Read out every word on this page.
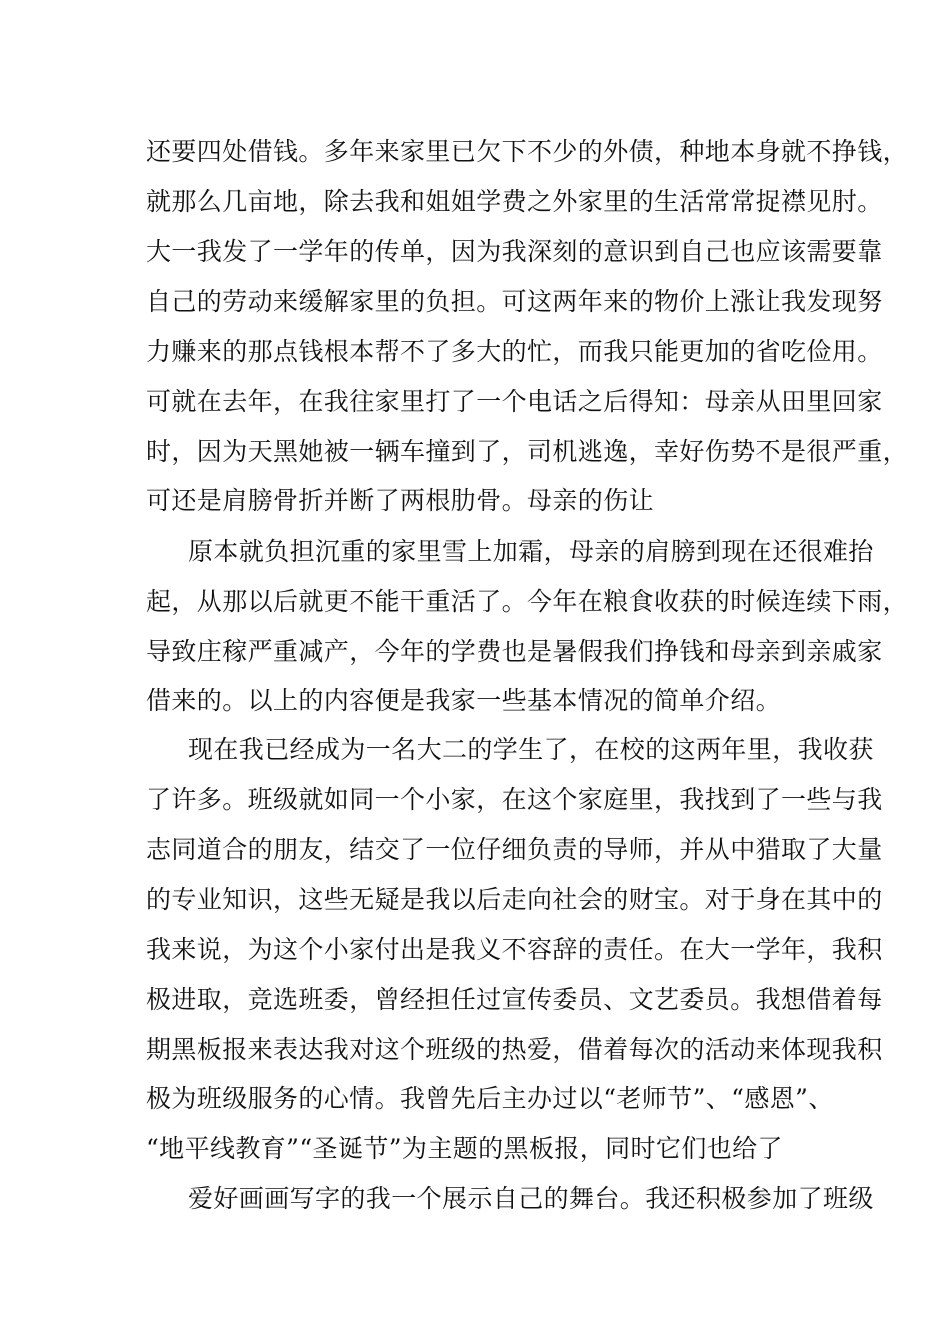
还要四处借钱。多年来家里已欠下不少的外债，种地本身就不挣钱，
就那么几亩地，除去我和姐姐学费之外家里的生活常常捉襟见肘。
大一我发了一学年的传单，因为我深刻的意识到自己也应该需要靠
自己的劳动来缓解家里的负担。可这两年来的物价上涨让我发现努
力赚来的那点钱根本帮不了多大的忙，而我只能更加的省吃俭用。
可就在去年，在我往家里打了一个电话之后得知：母亲从田里回家
时，因为天黑她被一辆车撞到了，司机逃逸，幸好伤势不是很严重，
可还是肩膀骨折并断了两根肋骨。母亲的伤让
原本就负担沉重的家里雪上加霜，母亲的肩膀到现在还很难抬
起，从那以后就更不能干重活了。今年在粮食收获的时候连续下雨，
导致庄稼严重减产，今年的学费也是暑假我们挣钱和母亲到亲戚家
借来的。以上的内容便是我家一些基本情况的简单介绍。
现在我已经成为一名大二的学生了，在校的这两年里，我收获
了许多。班级就如同一个小家，在这个家庭里，我找到了一些与我
志同道合的朋友，结交了一位仔细负责的导师，并从中猎取了大量
的专业知识，这些无疑是我以后走向社会的财宝。对于身在其中的
我来说，为这个小家付出是我义不容辞的责任。在大一学年，我积
极进取，竞选班委，曾经担任过宣传委员、文艺委员。我想借着每
期黑板报来表达我对这个班级的热爱，借着每次的活动来体现我积
极为班级服务的心情。我曾先后主办过以“老师节”、“感恩”、
“地平线教育”“圣诞节”为主题的黑板报，同时它们也给了
爱好画画写字的我一个展示自己的舞台。我还积极参加了班级
